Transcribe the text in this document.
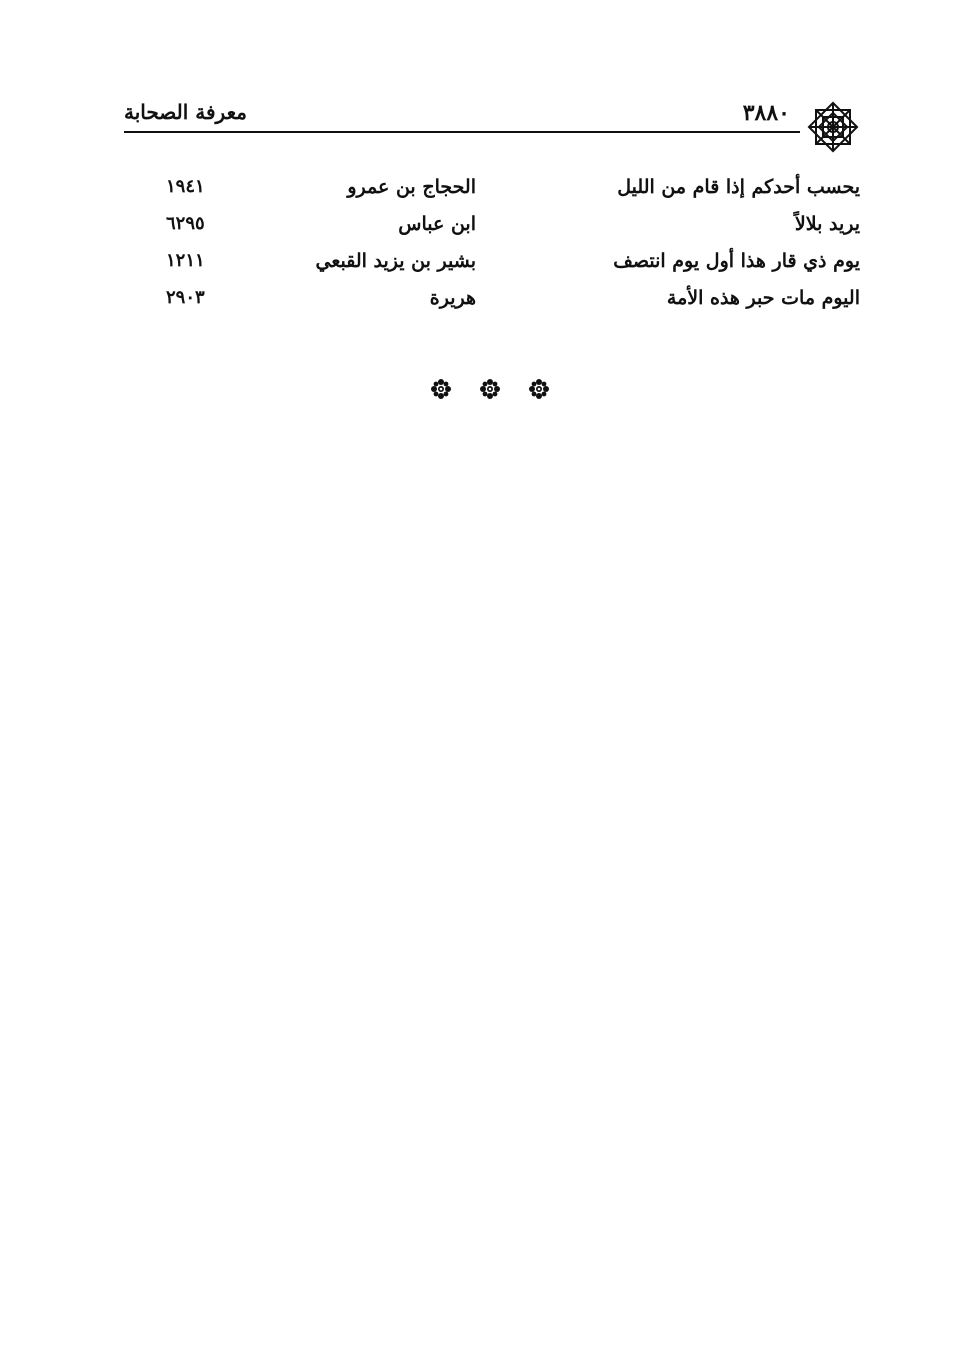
معرفة الصحابة	٣٨٨٠
يحسب أحدكم إذا قام من الليل
الحجاج بن عمرو
١٩٤١
يريد بلالاً
ابن عباس
٦٢٩٥
يوم ذي قار هذا أول يوم انتصف
بشير بن يزيد القبعي
١٢١١
اليوم مات حبر هذه الأمة
هريرة
٢٩٠٣
